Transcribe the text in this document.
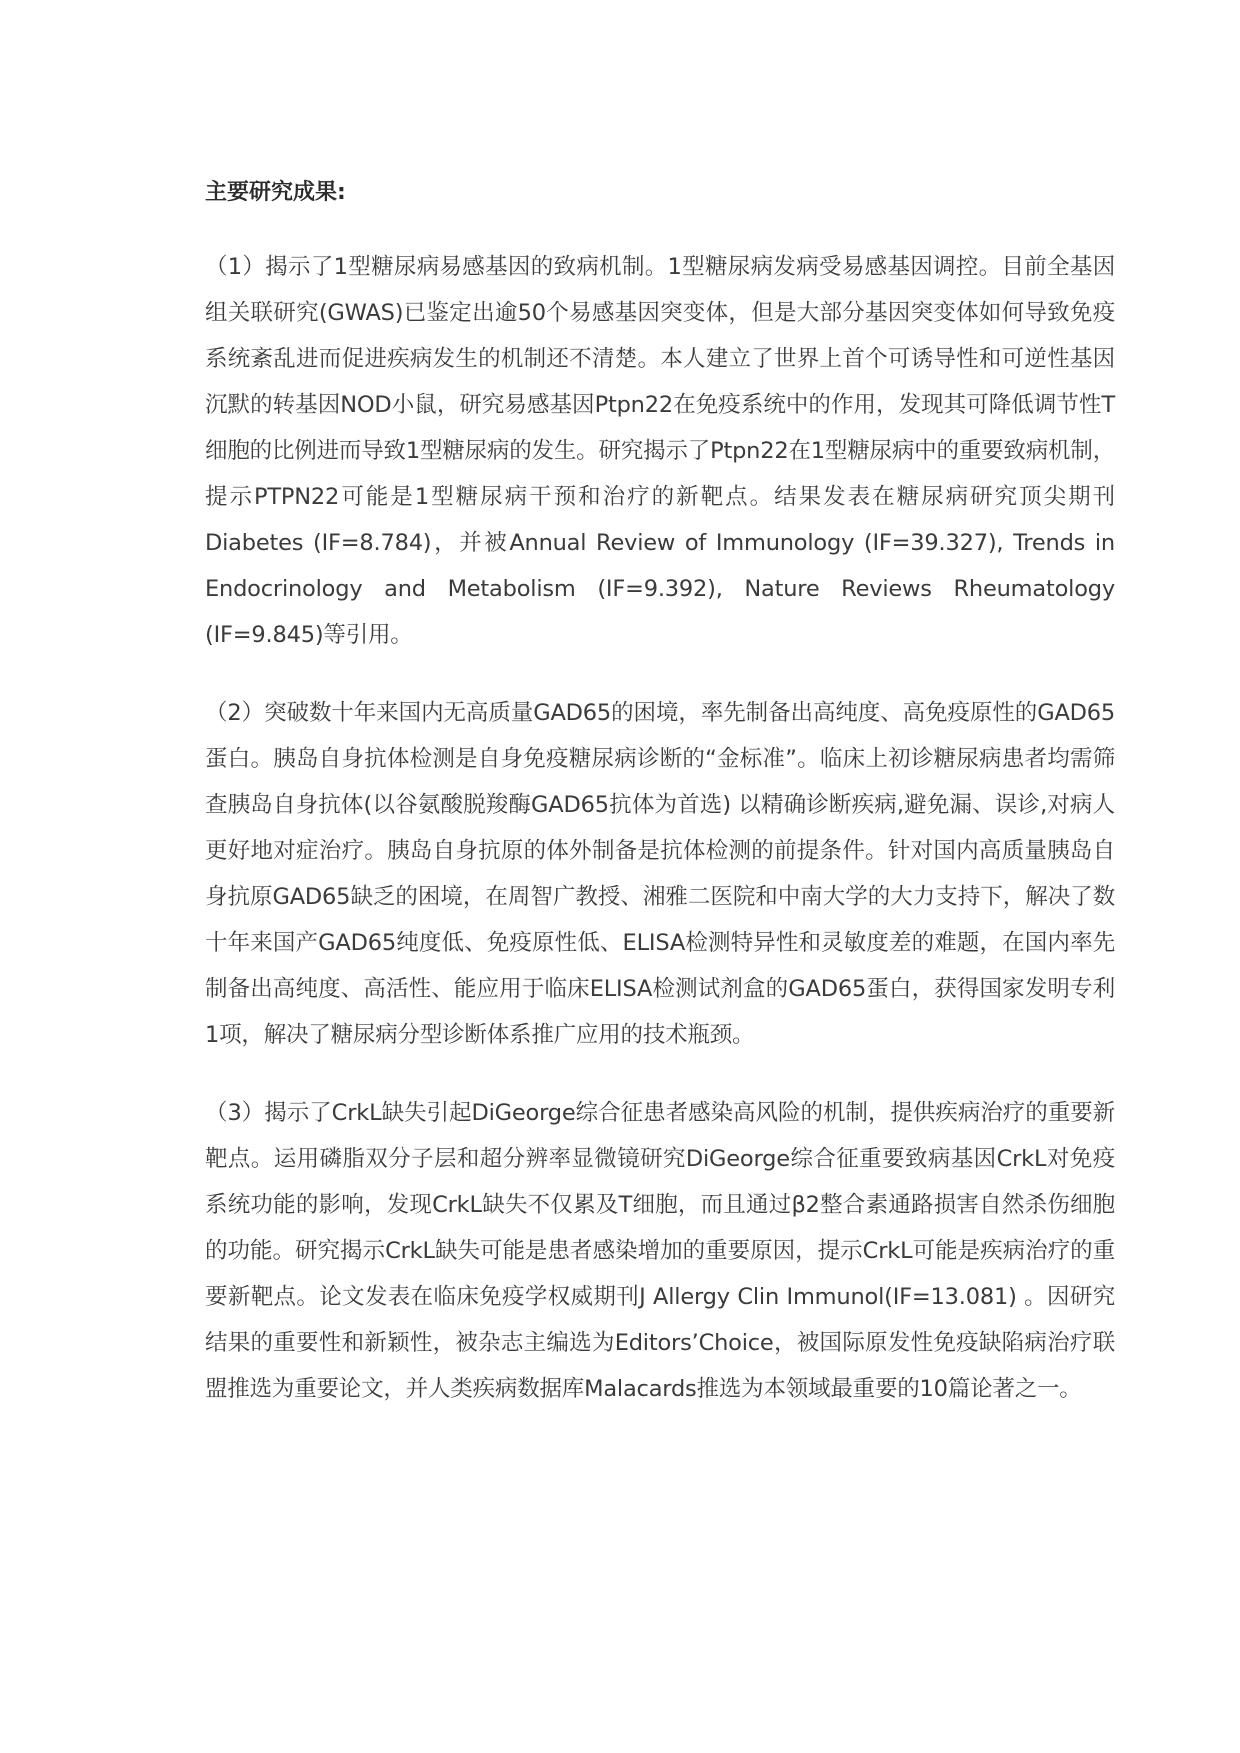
主要研究成果:

（1）揭示了1型糖尿病易感基因的致病机制。1型糖尿病发病受易感基因调控。目前全基因组关联研究(GWAS)已鉴定出逾50个易感基因突变体，但是大部分基因突变体如何导致免疫系统紊乱进而促进疾病发生的机制还不清楚。本人建立了世界上首个可诱导性和可逆性基因沉默的转基因NOD小鼠，研究易感基因Ptpn22在免疫系统中的作用，发现其可降低调节性T细胞的比例进而导致1型糖尿病的发生。研究揭示了Ptpn22在1型糖尿病中的重要致病机制，提示PTPN22可能是1型糖尿病干预和治疗的新靶点。结果发表在糖尿病研究顶尖期刊Diabetes (IF=8.784)，并被Annual Review of Immunology (IF=39.327), Trends in Endocrinology and Metabolism (IF=9.392), Nature Reviews Rheumatology (IF=9.845)等引用。

（2）突破数十年来国内无高质量GAD65的困境，率先制备出高纯度、高免疫原性的GAD65蛋白。胰岛自身抗体检测是自身免疫糖尿病诊断的“金标准”。临床上初诊糖尿病患者均需筛查胰岛自身抗体(以谷氨酸脱羧酶GAD65抗体为首选) 以精确诊断疾病,避免漏、误诊,对病人更好地对症治疗。胰岛自身抗原的体外制备是抗体检测的前提条件。针对国内高质量胰岛自身抗原GAD65缺乏的困境，在周智广教授、湘雅二医院和中南大学的大力支持下，解决了数十年来国产GAD65纯度低、免疫原性低、ELISA检测特异性和灵敏度差的难题，在国内率先制备出高纯度、高活性、能应用于临床ELISA检测试剂盒的GAD65蛋白，获得国家发明专利1项，解决了糖尿病分型诊断体系推广应用的技术瓶颈。

（3）揭示了CrkL缺失引起DiGeorge综合征患者感染高风险的机制，提供疾病治疗的重要新靶点。运用磷脂双分子层和超分辨率显微镜研究DiGeorge综合征重要致病基因CrkL对免疫系统功能的影响，发现CrkL缺失不仅累及T细胞，而且通过β2整合素通路损害自然杀伤细胞的功能。研究揭示CrkL缺失可能是患者感染增加的重要原因，提示CrkL可能是疾病治疗的重要新靶点。论文发表在临床免疫学权威期刊J Allergy Clin Immunol(IF=13.081) 。因研究结果的重要性和新颖性，被杂志主编选为Editors’Choice，被国际原发性免疫缺陷病治疗联盟推选为重要论文，并人类疾病数据库Malacards推选为本领域最重要的10篇论著之一。
